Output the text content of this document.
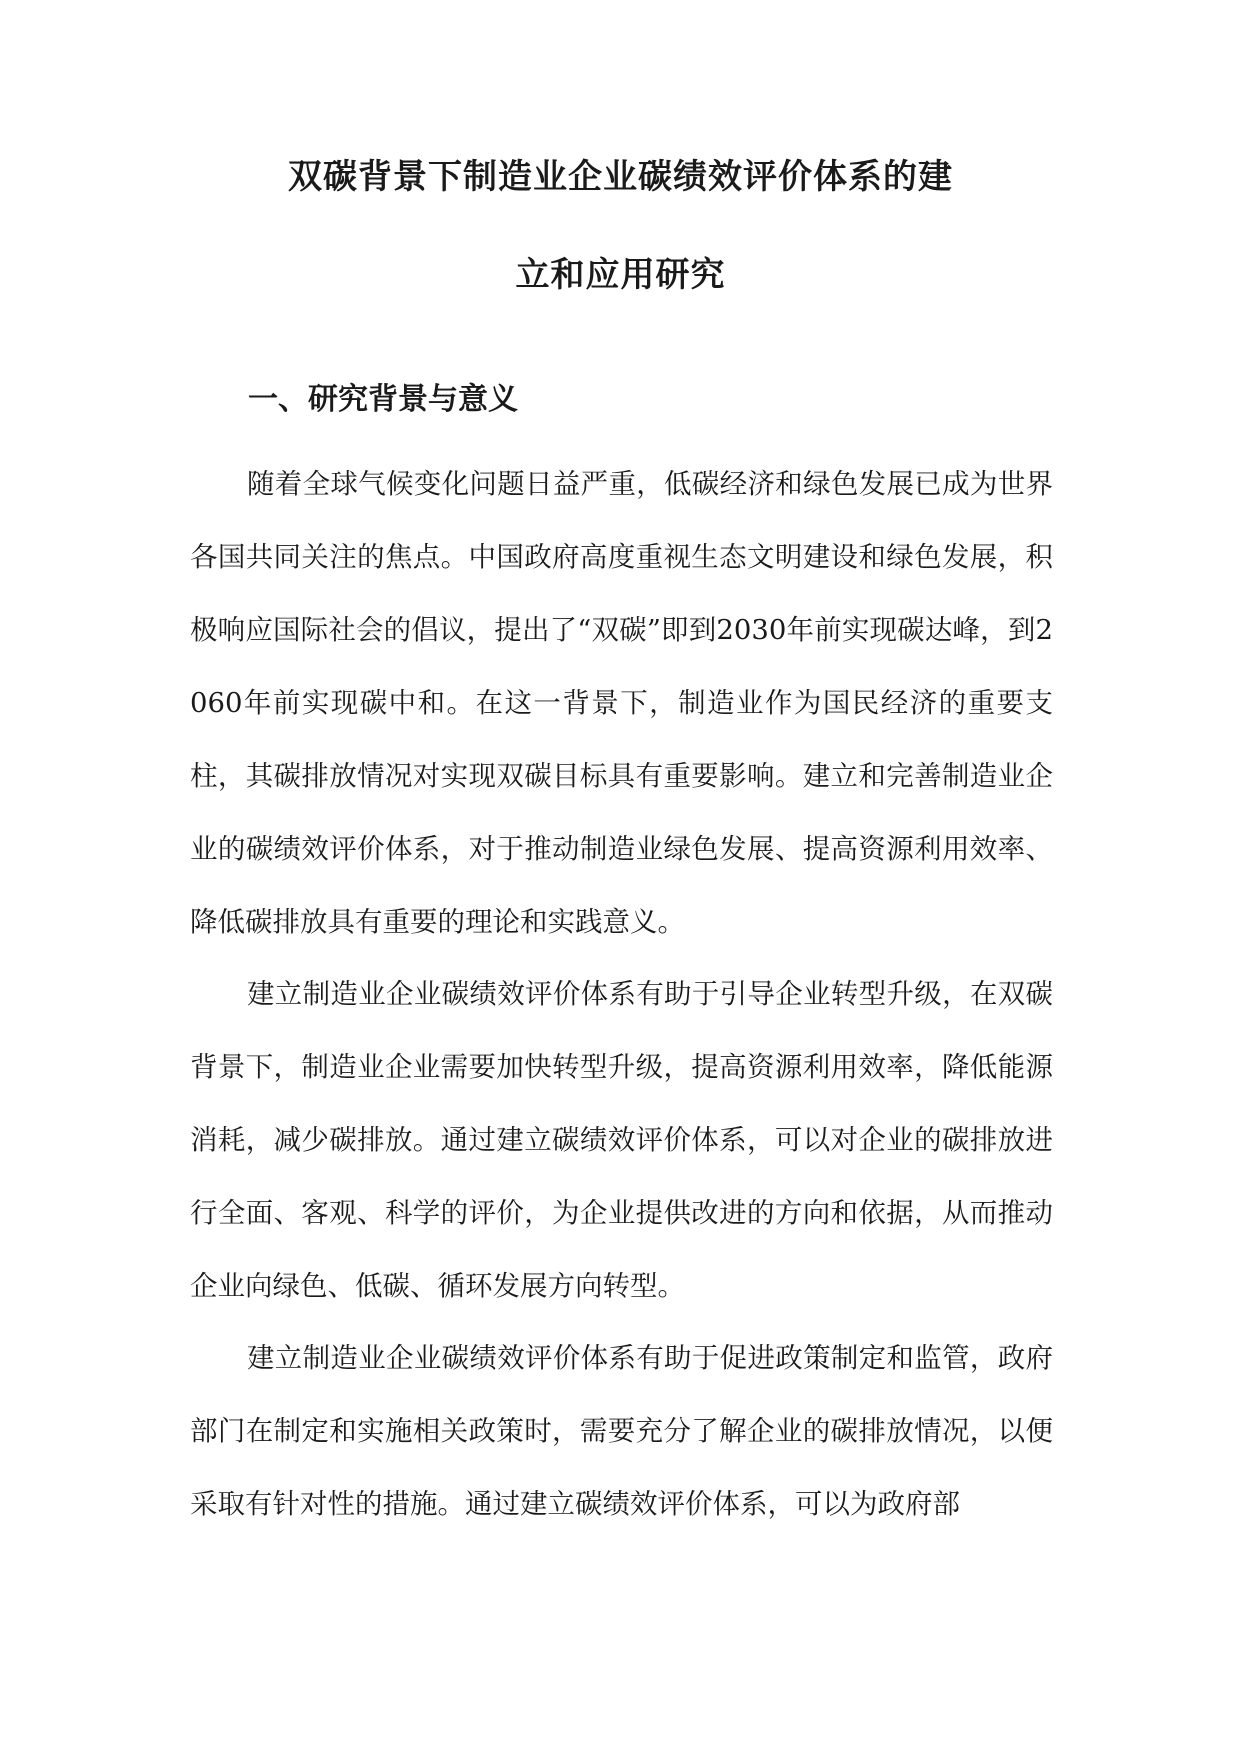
双碳背景下制造业企业碳绩效评价体系的建
立和应用研究
一、研究背景与意义

随着全球气候变化问题日益严重，低碳经济和绿色发展已成为世界各国共同关注的焦点。中国政府高度重视生态文明建设和绿色发展，积极响应国际社会的倡议，提出了“双碳”即到2030年前实现碳达峰，到2060年前实现碳中和。在这一背景下，制造业作为国民经济的重要支柱，其碳排放情况对实现双碳目标具有重要影响。建立和完善制造业企业的碳绩效评价体系，对于推动制造业绿色发展、提高资源利用效率、降低碳排放具有重要的理论和实践意义。

建立制造业企业碳绩效评价体系有助于引导企业转型升级，在双碳背景下，制造业企业需要加快转型升级，提高资源利用效率，降低能源消耗，减少碳排放。通过建立碳绩效评价体系，可以对企业的碳排放进行全面、客观、科学的评价，为企业提供改进的方向和依据，从而推动企业向绿色、低碳、循环发展方向转型。

建立制造业企业碳绩效评价体系有助于促进政策制定和监管，政府部门在制定和实施相关政策时，需要充分了解企业的碳排放情况，以便采取有针对性的措施。通过建立碳绩效评价体系，可以为政府部
